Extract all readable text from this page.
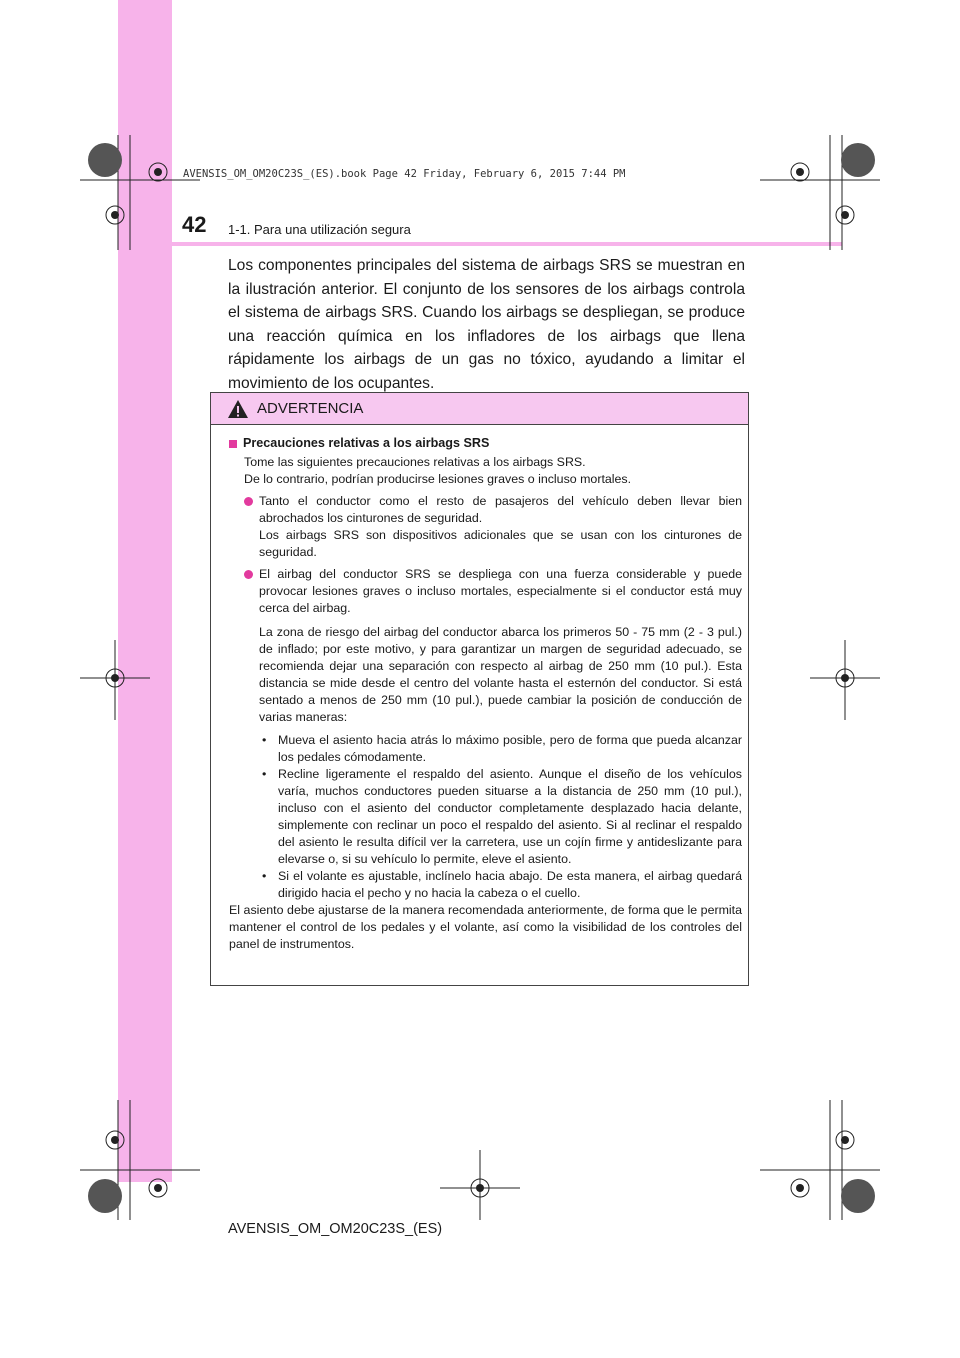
AVENSIS_OM_OM20C23S_(ES).book Page 42 Friday, February 6, 2015 7:44 PM
42 1-1. Para una utilización segura

Los componentes principales del sistema de airbags SRS se muestran en la ilustración anterior. El conjunto de los sensores de los airbags controla el sistema de airbags SRS. Cuando los airbags se despliegan, se produce una reacción química en los infladores de los airbags que llena rápidamente los airbags de un gas no tóxico, ayudando a limitar el movimiento de los ocupantes.

ADVERTENCIA
Precauciones relativas a los airbags SRS
Tome las siguientes precauciones relativas a los airbags SRS.
De lo contrario, podrían producirse lesiones graves o incluso mortales.
Tanto el conductor como el resto de pasajeros del vehículo deben llevar bien abrochados los cinturones de seguridad.
Los airbags SRS son dispositivos adicionales que se usan con los cinturones de seguridad.
El airbag del conductor SRS se despliega con una fuerza considerable y puede provocar lesiones graves o incluso mortales, especialmente si el conductor está muy cerca del airbag.
La zona de riesgo del airbag del conductor abarca los primeros 50 - 75 mm (2 - 3 pul.) de inflado; por este motivo, y para garantizar un margen de seguridad adecuado, se recomienda dejar una separación con respecto al airbag de 250 mm (10 pul.). Esta distancia se mide desde el centro del volante hasta el esternón del conductor. Si está sentado a menos de 250 mm (10 pul.), puede cambiar la posición de conducción de varias maneras:
• Mueva el asiento hacia atrás lo máximo posible, pero de forma que pueda alcanzar los pedales cómodamente.
• Recline ligeramente el respaldo del asiento. Aunque el diseño de los vehículos varía, muchos conductores pueden situarse a la distancia de 250 mm (10 pul.), incluso con el asiento del conductor completamente desplazado hacia delante, simplemente con reclinar un poco el respaldo del asiento. Si al reclinar el respaldo del asiento le resulta difícil ver la carretera, use un cojín firme y antideslizante para elevarse o, si su vehículo lo permite, eleve el asiento.
• Si el volante es ajustable, inclínelo hacia abajo. De esta manera, el airbag quedará dirigido hacia el pecho y no hacia la cabeza o el cuello.

El asiento debe ajustarse de la manera recomendada anteriormente, de forma que le permita mantener el control de los pedales y el volante, así como la visibilidad de los controles del panel de instrumentos.

AVENSIS_OM_OM20C23S_(ES)
